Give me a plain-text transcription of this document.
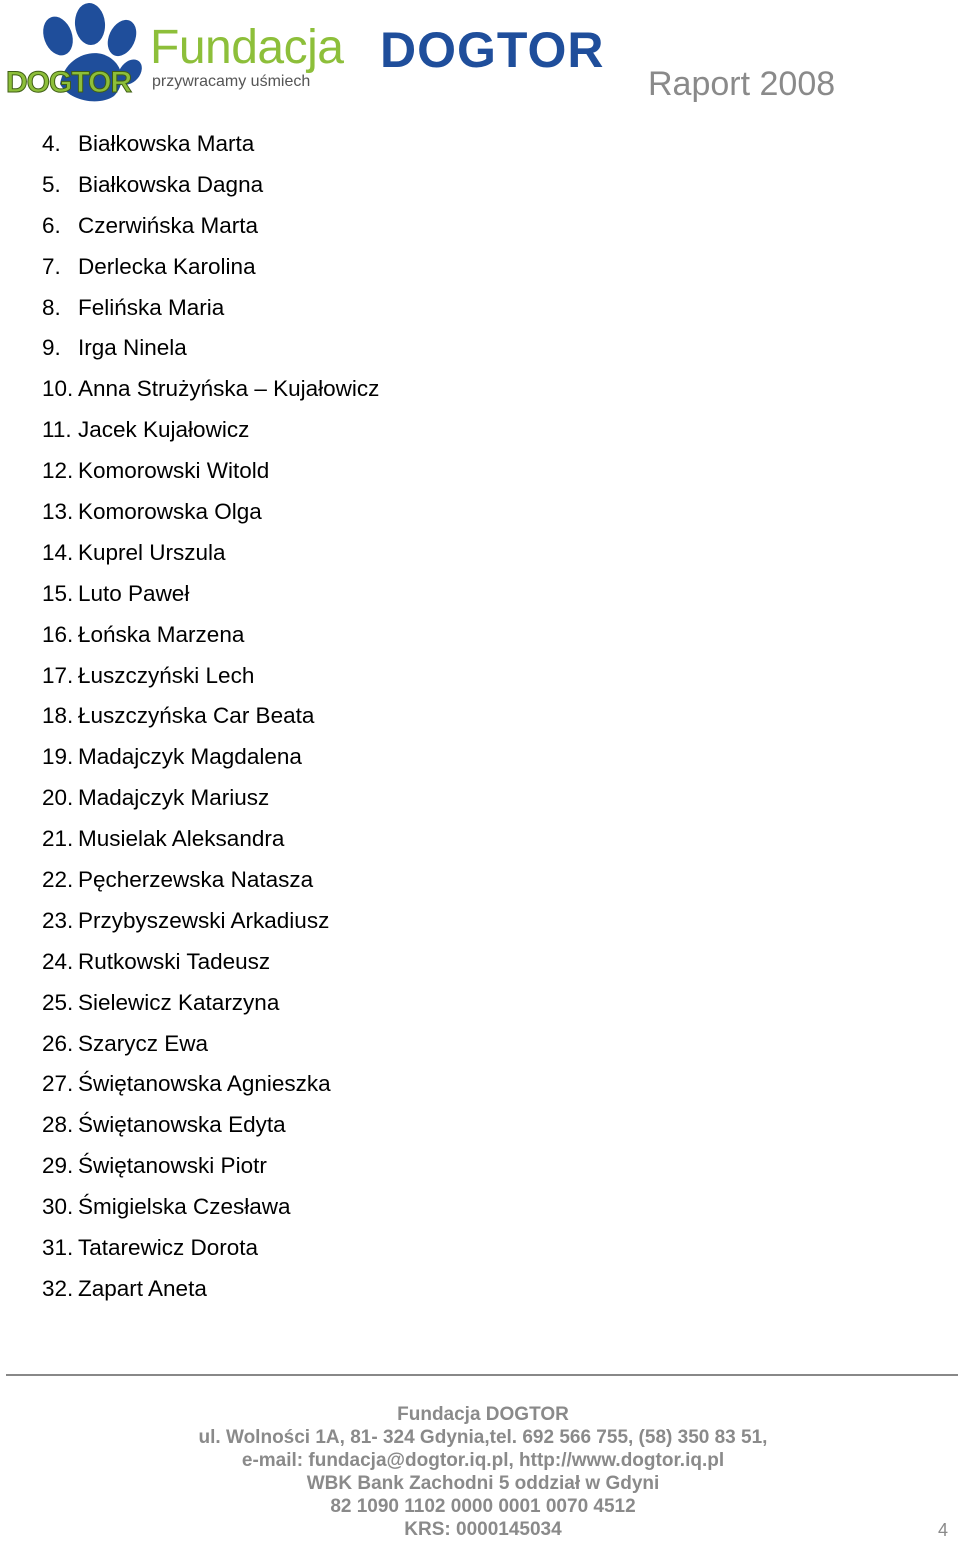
DOGTOR
Fundacja DOGTOR
przywracamy uśmiech	Raport 2008
4. Białkowska Marta
5. Białkowska Dagna
6. Czerwińska Marta
7. Derlecka Karolina
8. Felińska Maria
9. Irga Ninela
10. Anna Strużyńska – Kujałowicz
11. Jacek Kujałowicz
12. Komorowski Witold
13. Komorowska Olga
14. Kuprel Urszula
15. Luto Paweł
16. Łońska Marzena
17. Łuszczyński Lech
18. Łuszczyńska Car Beata
19. Madajczyk Magdalena
20. Madajczyk Mariusz
21. Musielak Aleksandra
22. Pęcherzewska Natasza
23. Przybyszewski Arkadiusz
24. Rutkowski Tadeusz
25. Sielewicz Katarzyna
26. Szarycz Ewa
27. Świętanowska Agnieszka
28. Świętanowska Edyta
29. Świętanowski Piotr
30. Śmigielska Czesława
31. Tatarewicz Dorota
32. Zapart Aneta
Fundacja DOGTOR
ul. Wolności 1A, 81- 324 Gdynia,tel. 692 566 755, (58) 350 83 51,
e-mail: fundacja@dogtor.iq.pl, http://www.dogtor.iq.pl
WBK Bank Zachodni 5 oddział w Gdyni
82 1090 1102 0000 0001 0070 4512
KRS: 0000145034	4
